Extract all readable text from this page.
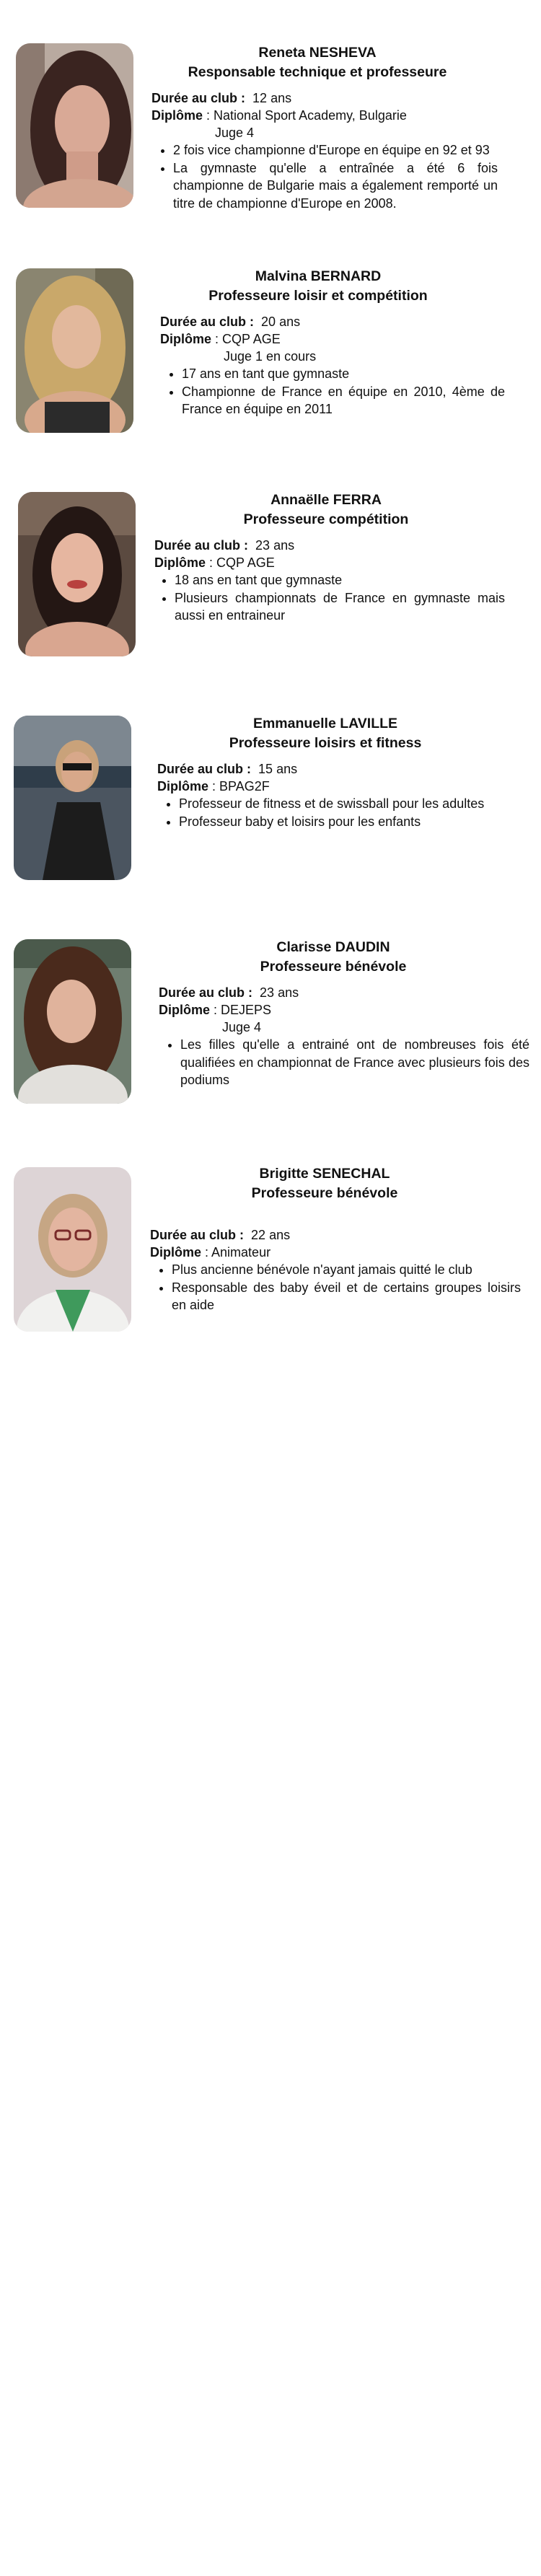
Reneta NESHEVA
Responsable technique et professeure
Durée au club : 12 ans
Diplôme : National Sport Academy, Bulgarie
Juge 4
• 2 fois vice championne d'Europe en équipe en 92 et 93
• La gymnaste qu'elle a entraînée a été 6 fois championne de Bulgarie mais a également remporté un titre de championne d'Europe en 2008.
Malvina BERNARD
Professeure loisir et compétition
Durée au club : 20 ans
Diplôme : CQP AGE
Juge 1 en cours
• 17 ans en tant que gymnaste
• Championne de France en équipe en 2010, 4ème de France en équipe en 2011
Annaëlle FERRA
Professeure compétition
Durée au club : 23 ans
Diplôme : CQP AGE
• 18 ans en tant que gymnaste
• Plusieurs championnats de France en gymnaste mais aussi en entraineur
Emmanuelle LAVILLE
Professeure loisirs et fitness
Durée au club : 15 ans
Diplôme : BPAG2F
• Professeur de fitness et de swissball pour les adultes
• Professeur baby et loisirs pour les enfants
Clarisse DAUDIN
Professeure bénévole
Durée au club : 23 ans
Diplôme : DEJEPS
Juge 4
• Les filles qu'elle a entrainé ont de nombreuses fois été qualifiées en championnat de France avec plusieurs fois des podiums
Brigitte SENECHAL
Professeure bénévole
Durée au club : 22 ans
Diplôme : Animateur
• Plus ancienne bénévole n'ayant jamais quitté le club
• Responsable des baby éveil et de certains groupes loisirs en aide
